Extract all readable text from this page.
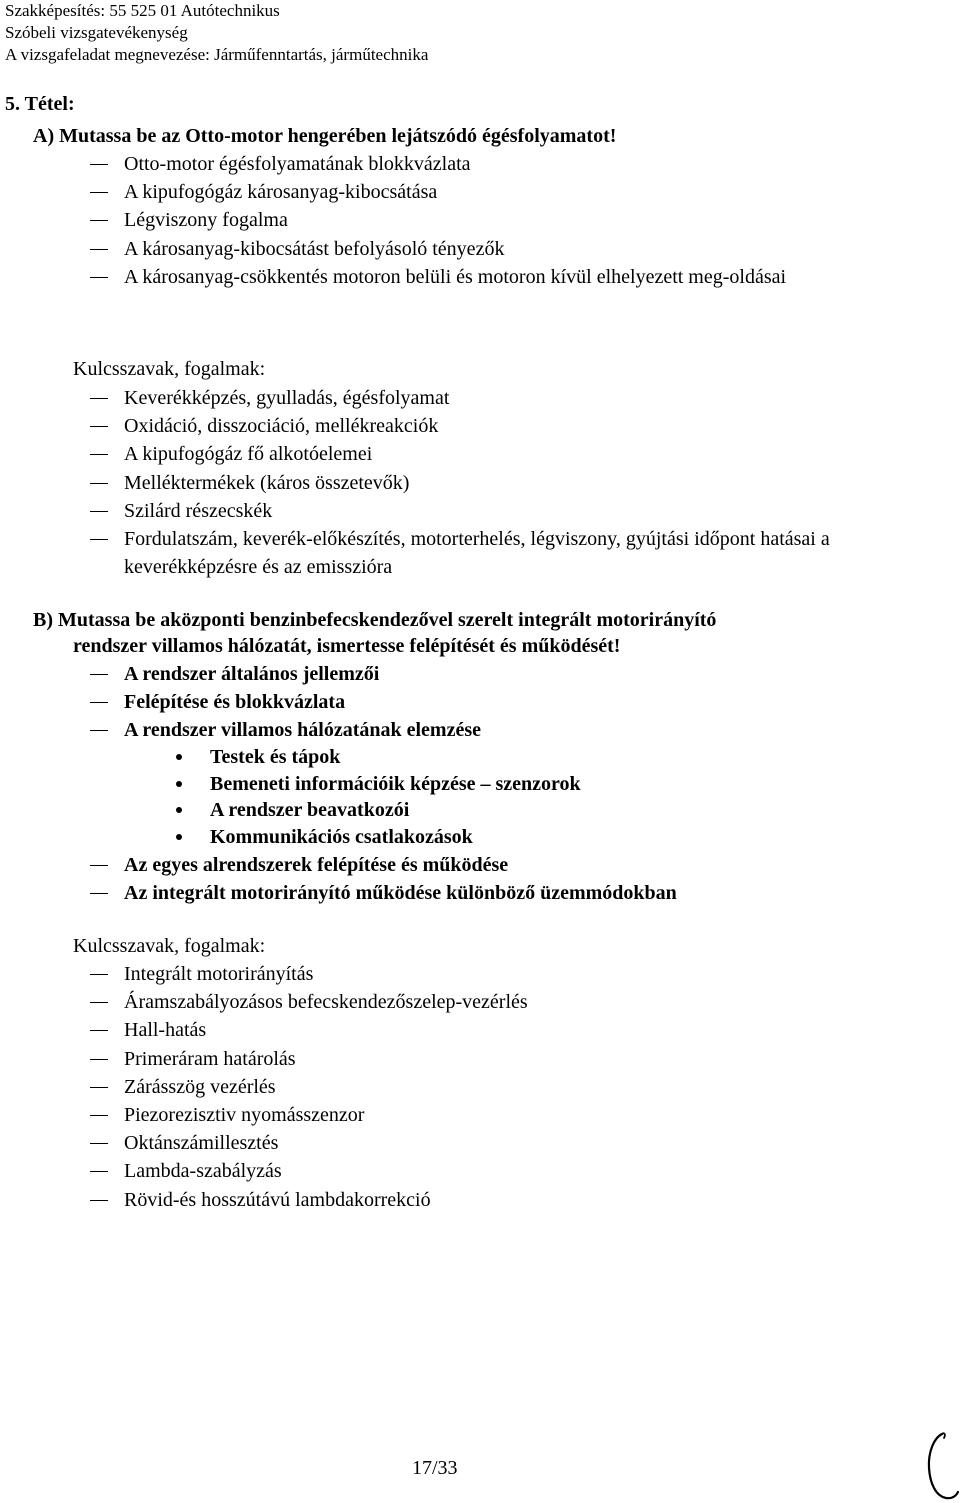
Szakképesítés: 55 525 01 Autótechnikus
Szóbeli vizsgatevékenység
A vizsgafeladat megnevezése: Járműfenntartás, járműtechnika
5. Tétel:
A) Mutassa be az Otto-motor hengerében lejátszódó égésfolyamatot!
Otto-motor égésfolyamatának blokkvázlata
A kipufogógáz károsanyag-kibocsátása
Légviszony fogalma
A károsanyag-kibocsátást befolyásoló tényezők
A károsanyag-csökkentés motoron belüli és motoron kívül elhelyezett meg-oldásai
Kulcsszavak, fogalmak:
Keverékképzés, gyulladás, égésfolyamat
Oxidáció, disszociáció, mellékreakciók
A kipufogógáz fő alkotóelemei
Melléktermékek (káros összetevők)
Szilárd részecskék
Fordulatszám, keverék-előkészítés, motorterhelés, légviszony, gyújtási időpont hatásai a keverékképzésre és az emisszióra
B) Mutassa be aközponti benzinbefecskendezővel szerelt integrált motorirányító
rendszer villamos hálózatát, ismertesse felépítését és működését!
A rendszer általános jellemzői
Felépítése és blokkvázlata
A rendszer villamos hálózatának elemzése
Testek és tápok
Bemeneti információik képzése – szenzorok
A rendszer beavatkozói
Kommunikációs csatlakozások
Az egyes alrendszerek felépítése és működése
Az integrált motorirányító működése különböző üzemmódokban
Kulcsszavak, fogalmak:
Integrált motorirányítás
Áramszabályozásos befecskendezőszelep-vezérlés
Hall-hatás
Primeráram határolás
Zárásszög vezérlés
Piezorezisztiv nyomásszenzor
Oktánszámillesztés
Lambda-szabályzás
Rövid-és hosszútávú lambdakorrekció
17/33
